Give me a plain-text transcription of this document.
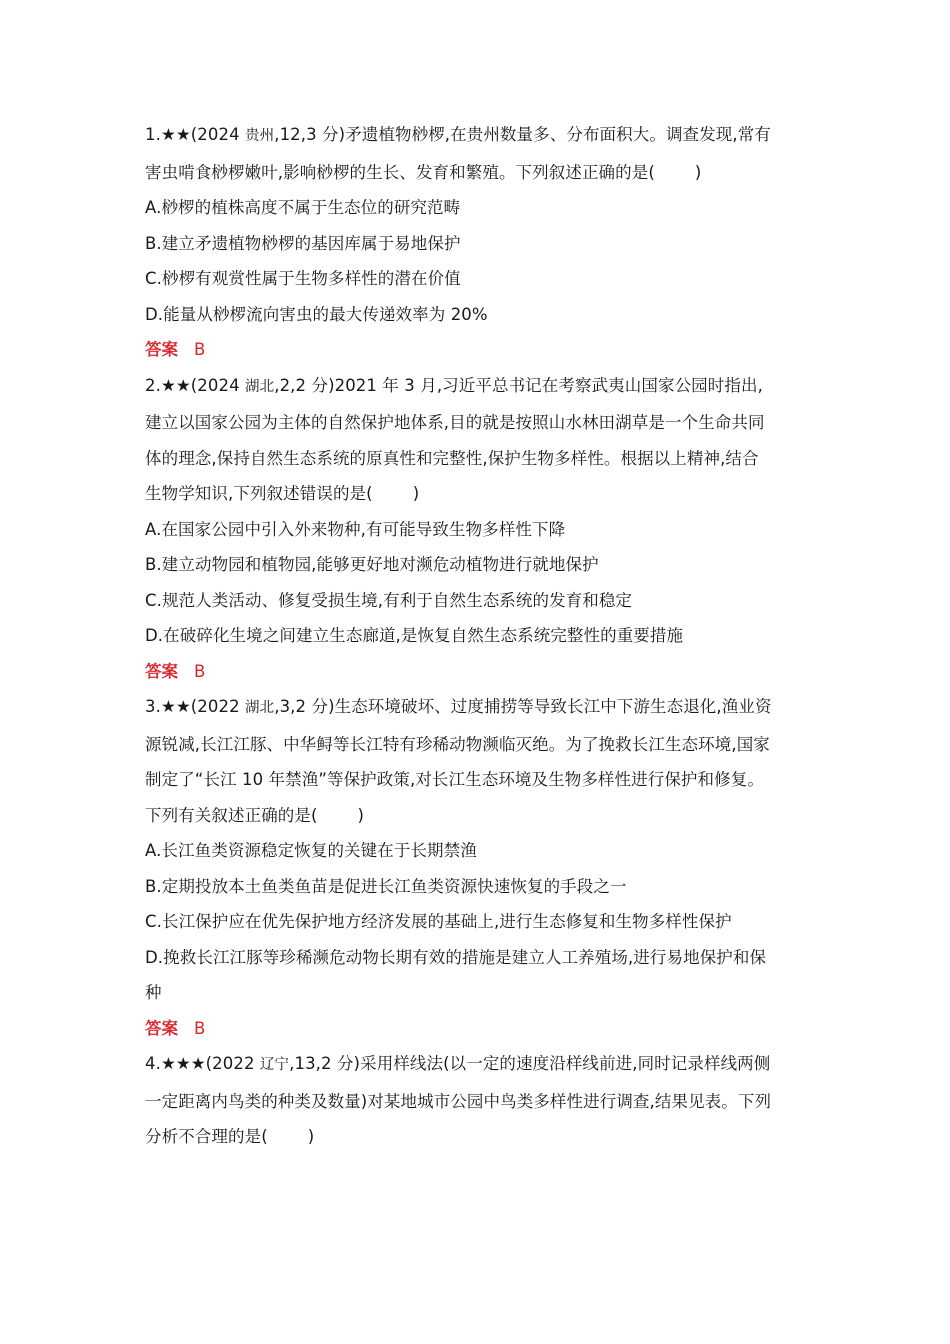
1.★★(2024 贵州,12,3 分)矛遗植物桫椤,在贵州数量多、分布面积大。调查发现,常有
害虫啃食桫椤嫩叶,影响桫椤的生长、发育和繁殖。下列叙述正确的是( )
A.桫椤的植株高度不属于生态位的研究范畴
B.建立矛遗植物桫椤的基因库属于易地保护
C.桫椤有观赏性属于生物多样性的潜在价值
D.能量从桫椤流向害虫的最大传递效率为 20%
答案 B
2.★★(2024 湖北,2,2 分)2021 年 3 月,习近平总书记在考察武夷山国家公园时指出,
建立以国家公园为主体的自然保护地体系,目的就是按照山水林田湖草是一个生命共同
体的理念,保持自然生态系统的原真性和完整性,保护生物多样性。根据以上精神,结合
生物学知识,下列叙述错误的是( )
A.在国家公园中引入外来物种,有可能导致生物多样性下降
B.建立动物园和植物园,能够更好地对濒危动植物进行就地保护
C.规范人类活动、修复受损生境,有利于自然生态系统的发育和稳定
D.在破碎化生境之间建立生态廊道,是恢复自然生态系统完整性的重要措施
答案 B
3.★★(2022 湖北,3,2 分)生态环境破坏、过度捕捞等导致长江中下游生态退化,渔业资
源锐减,长江江豚、中华鲟等长江特有珍稀动物濒临灭绝。为了挽救长江生态环境,国家
制定了“长江 10 年禁渔”等保护政策,对长江生态环境及生物多样性进行保护和修复。
下列有关叙述正确的是( )
A.长江鱼类资源稳定恢复的关键在于长期禁渔
B.定期投放本土鱼类鱼苗是促进长江鱼类资源快速恢复的手段之一
C.长江保护应在优先保护地方经济发展的基础上,进行生态修复和生物多样性保护
D.挽救长江江豚等珍稀濒危动物长期有效的措施是建立人工养殖场,进行易地保护和保
种
答案 B
4.★★★(2022 辽宁,13,2 分)采用样线法(以一定的速度沿样线前进,同时记录样线两侧
一定距离内鸟类的种类及数量)对某地城市公园中鸟类多样性进行调查,结果见表。下列
分析不合理的是( )
